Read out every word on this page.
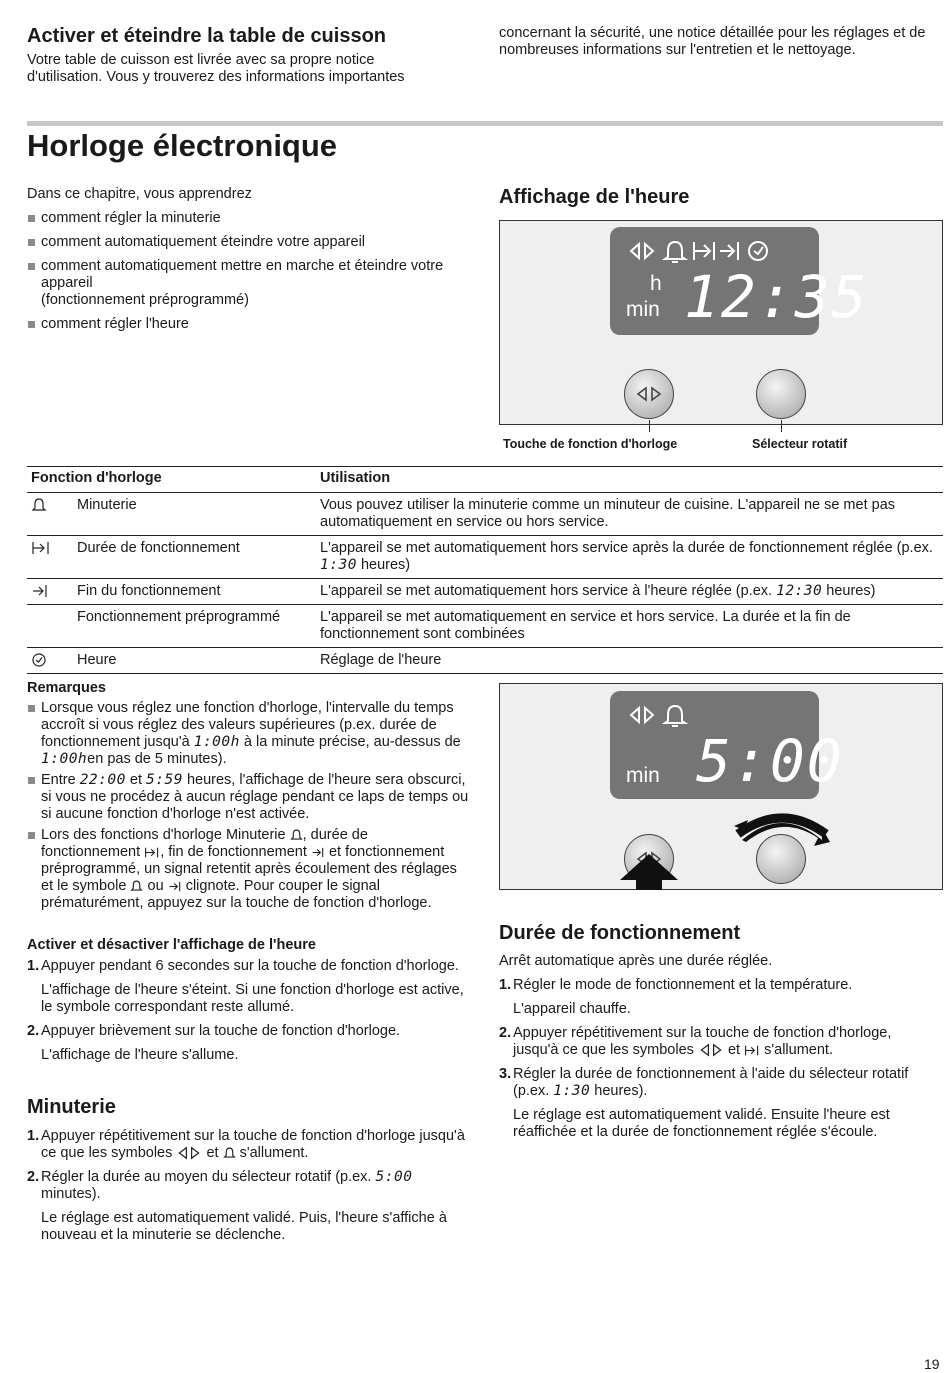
Activer et éteindre la table de cuisson
Votre table de cuisson est livrée avec sa propre notice d'utilisation. Vous y trouverez des informations importantes
concernant la sécurité, une notice détaillée pour les réglages et de nombreuses informations sur l'entretien et le nettoyage.
Horloge électronique
Dans ce chapitre, vous apprendrez
comment régler la minuterie
comment automatiquement éteindre votre appareil
comment automatiquement mettre en marche et éteindre votre appareil
(fonctionnement préprogrammé)
comment régler l'heure
Affichage de l'heure
h
min 12:35
Touche de fonction d'horloge	Sélecteur rotatif
Fonction d'horloge		Utilisation
	Minuterie	Vous pouvez utiliser la minuterie comme un minuteur de cuisine. L'appareil ne se met pas automatiquement en service ou hors service.
	Durée de fonctionnement	L'appareil se met automatiquement hors service après la durée de fonctionnement réglée (p.ex. 1:30 heures)
	Fin du fonctionnement	L'appareil se met automatiquement hors service à l'heure réglée (p.ex. 12:30 heures)
	Fonctionnement préprogrammé	L'appareil se met automatiquement en service et hors service. La durée et la fin de fonctionnement sont combinées
	Heure	Réglage de l'heure
Remarques
Lorsque vous réglez une fonction d'horloge, l'intervalle du temps accroît si vous réglez des valeurs supérieures (p.ex. durée de fonctionnement jusqu'à 1:00h à la minute précise, au-dessus de 1:00hen pas de 5 minutes).
Entre 22:00 et 5:59 heures, l'affichage de l'heure sera obscurci, si vous ne procédez à aucun réglage pendant ce laps de temps ou si aucune fonction d'horloge n'est activée.
Lors des fonctions d'horloge Minuterie , durée de fonctionnement , fin de fonctionnement et fonctionnement préprogrammé, un signal retentit après écoulement des réglages et le symbole ou clignote. Pour couper le signal prématurément, appuyez sur la touche de fonction d'horloge.
Activer et désactiver l'affichage de l'heure
1. Appuyer pendant 6 secondes sur la touche de fonction d'horloge.
L'affichage de l'heure s'éteint. Si une fonction d'horloge est active, le symbole correspondant reste allumé.
2. Appuyer brièvement sur la touche de fonction d'horloge.
L'affichage de l'heure s'allume.
Minuterie
1. Appuyer répétitivement sur la touche de fonction d'horloge jusqu'à ce que les symboles et s'allument.
2. Régler la durée au moyen du sélecteur rotatif (p.ex. 5:00 minutes).
Le réglage est automatiquement validé. Puis, l'heure s'affiche à nouveau et la minuterie se déclenche.
min 5:00
Durée de fonctionnement
Arrêt automatique après une durée réglée.
1. Régler le mode de fonctionnement et la température.
L'appareil chauffe.
2. Appuyer répétitivement sur la touche de fonction d'horloge, jusqu'à ce que les symboles et s'allument.
3. Régler la durée de fonctionnement à l'aide du sélecteur rotatif (p.ex. 1:30 heures).
Le réglage est automatiquement validé. Ensuite l'heure est réaffichée et la durée de fonctionnement réglée s'écoule.
19
